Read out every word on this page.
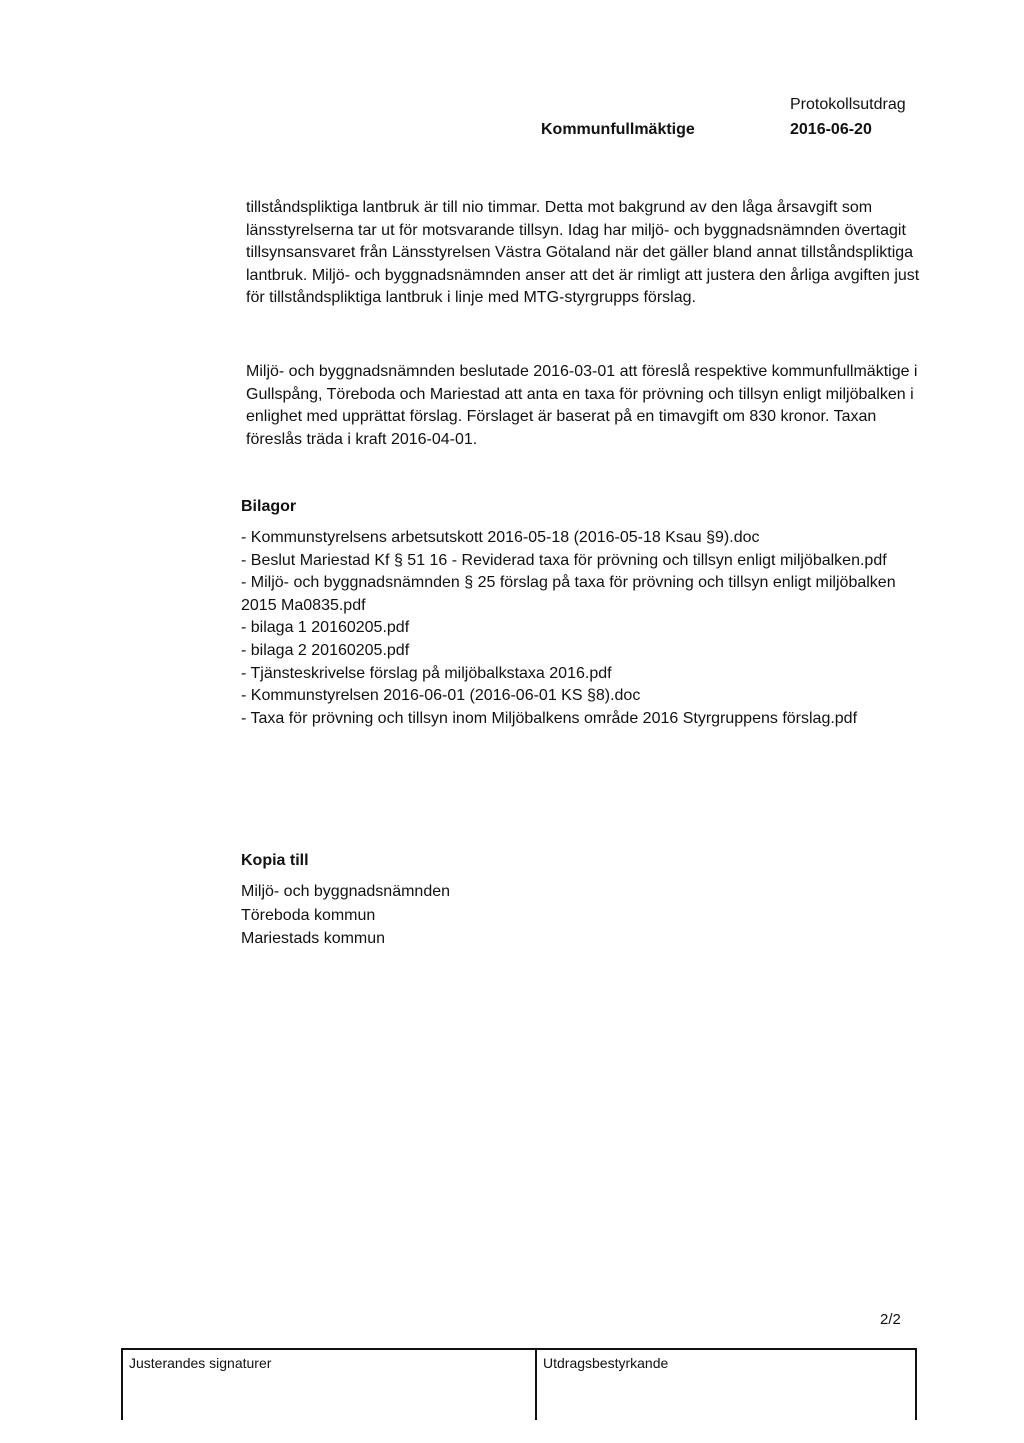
Protokollsutdrag
Kommunfullmäktige	2016-06-20

tillståndspliktiga lantbruk är till nio timmar. Detta mot bakgrund av den låga årsavgift som länsstyrelserna tar ut för motsvarande tillsyn. Idag har miljö- och byggnadsnämnden övertagit tillsynsansvaret från Länsstyrelsen Västra Götaland när det gäller bland annat tillståndspliktiga lantbruk. Miljö- och byggnadsnämnden anser att det är rimligt att justera den årliga avgiften just för tillståndspliktiga lantbruk i linje med MTG-styrgrupps förslag.

Miljö- och byggnadsnämnden beslutade 2016-03-01 att föreslå respektive kommunfullmäktige i Gullspång, Töreboda och Mariestad att anta en taxa för prövning och tillsyn enligt miljöbalken i enlighet med upprättat förslag. Förslaget är baserat på en timavgift om 830 kronor. Taxan föreslås träda i kraft 2016-04-01.

Bilagor
- Kommunstyrelsens arbetsutskott 2016-05-18 (2016-05-18 Ksau §9).doc
- Beslut Mariestad Kf § 51 16 - Reviderad taxa för prövning och tillsyn enligt miljöbalken.pdf
- Miljö- och byggnadsnämnden § 25 förslag på taxa för prövning och tillsyn enligt miljöbalken 2015 Ma0835.pdf
- bilaga 1 20160205.pdf
- bilaga 2 20160205.pdf
- Tjänsteskrivelse förslag på miljöbalkstaxa 2016.pdf
- Kommunstyrelsen 2016-06-01 (2016-06-01 KS §8).doc
- Taxa för prövning och tillsyn inom Miljöbalkens område 2016 Styrgruppens förslag.pdf
Kopia till
Miljö- och byggnadsnämnden
Töreboda kommun
Mariestads kommun
2/2
Justerandes signaturer	Utdragsbestyrkande
